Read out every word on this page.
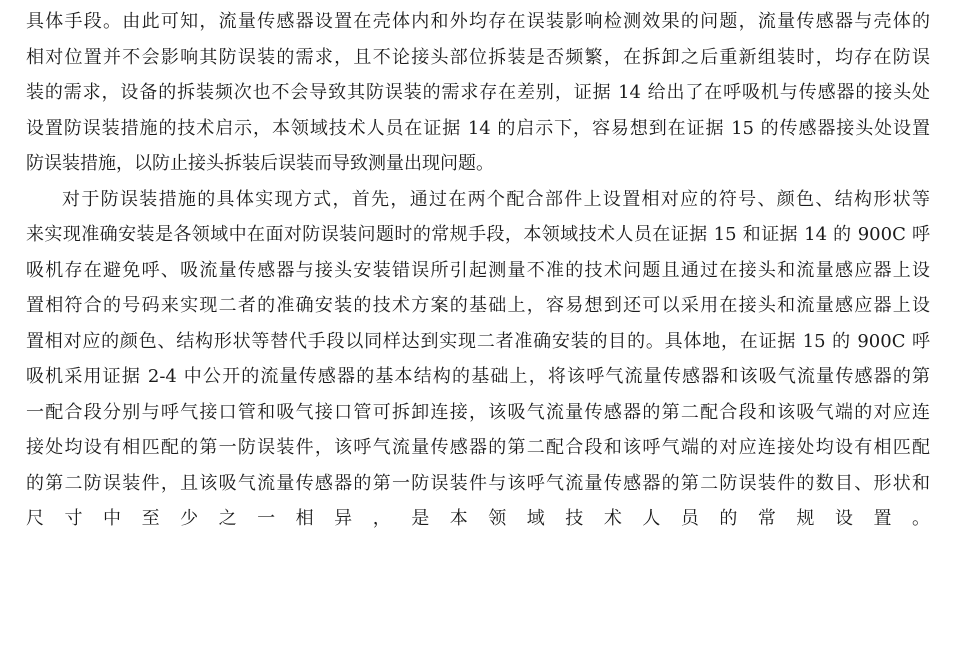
具体手段。由此可知，流量传感器设置在壳体内和外均存在误装影响检测效果的问题，流量传感器与壳体的
相对位置并不会影响其防误装的需求，且不论接头部位拆装是否频繁，在拆卸之后重新组装时，均存在防误
装的需求，设备的拆装频次也不会导致其防误装的需求存在差别，证据 14 给出了在呼吸机与传感器的接头处
设置防误装措施的技术启示，本领域技术人员在证据 14 的启示下，容易想到在证据 15 的传感器接头处设置
防误装措施，以防止接头拆装后误装而导致测量出现问题。
对于防误装措施的具体实现方式，首先，通过在两个配合部件上设置相对应的符号、颜色、结构形状等
来实现准确安装是各领域中在面对防误装问题时的常规手段，本领域技术人员在证据 15 和证据 14 的 900C 呼
吸机存在避免呼、吸流量传感器与接头安装错误所引起测量不准的技术问题且通过在接头和流量感应器上设
置相符合的号码来实现二者的准确安装的技术方案的基础上，容易想到还可以采用在接头和流量感应器上设
置相对应的颜色、结构形状等替代手段以同样达到实现二者准确安装的目的。具体地，在证据 15 的 900C 呼
吸机采用证据 2-4 中公开的流量传感器的基本结构的基础上，将该呼气流量传感器和该吸气流量传感器的第
一配合段分别与呼气接口管和吸气接口管可拆卸连接，该吸气流量传感器的第二配合段和该吸气端的对应连
接处均设有相匹配的第一防误装件，该呼气流量传感器的第二配合段和该呼气端的对应连接处均设有相匹配
的第二防误装件，且该吸气流量传感器的第一防误装件与该呼气流量传感器的第二防误装件的数目、形状和
尺寸中至少之一相异，是本领域技术人员的常规设置。
